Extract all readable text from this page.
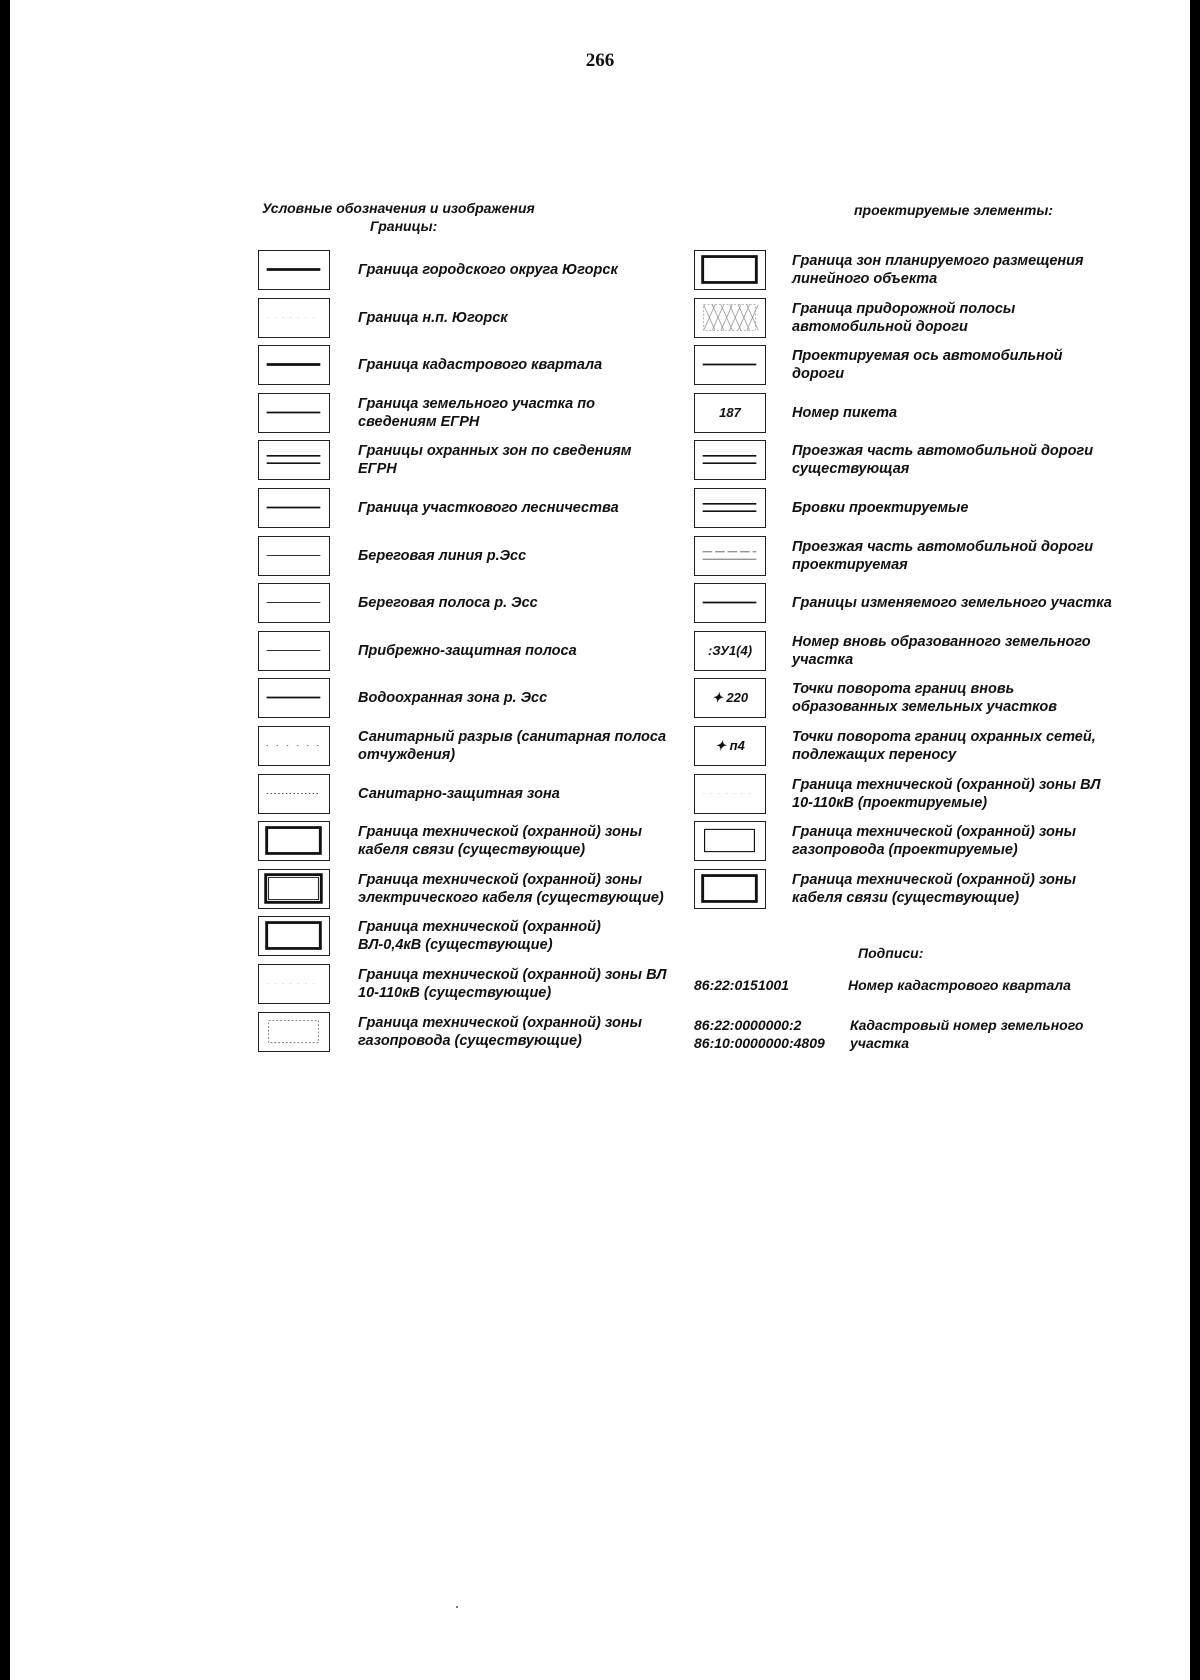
266
Условные обозначения и изображения
Границы:
проектируемые элементы:
Граница городского округа Югорск
Граница н.п. Югорск
Граница кадастрового квартала
Граница земельного участка по сведениям ЕГРН
Границы охранных зон по сведениям ЕГРН
Граница участкового лесничества
Береговая линия р.Эсс
Береговая полоса р. Эсс
Прибрежно-защитная полоса
Водоохранная зона р. Эсс
Санитарный разрыв (санитарная полоса отчуждения)
Санитарно-защитная зона
Граница технической (охранной) зоны кабеля связи (существующие)
Граница технической (охранной) зоны электрического кабеля (существующие)
Граница технической (охранной) ВЛ-0,4кВ (существующие)
Граница технической (охранной) зоны ВЛ 10-110кВ (существующие)
Граница технической (охранной) зоны газопровода (существующие)
Граница зон планируемого размещения линейного объекта
Граница придорожной полосы автомобильной дороги
Проектируемая ось автомобильной дороги
187	Номер пикета
Проезжая часть автомобильной дороги существующая
Бровки проектируемые
Проезжая часть автомобильной дороги проектируемая
Границы изменяемого земельного участка
:ЗУ1(4)
Номер вновь образованного земельного участка
✦ 220
Точки поворота границ вновь образованных земельных участков
✦ п4
Точки поворота границ охранных сетей, подлежащих переносу
Граница технической (охранной) зоны ВЛ 10-110кВ (проектируемые)
Граница технической (охранной) зоны газопровода (проектируемые)
Граница технической (охранной) зоны кабеля связи (существующие)
Подписи:
86:22:0151001	Номер кадастрового квартала
86:22:0000000:2
86:10:0000000:4809
Кадастровый номер земельного участка
